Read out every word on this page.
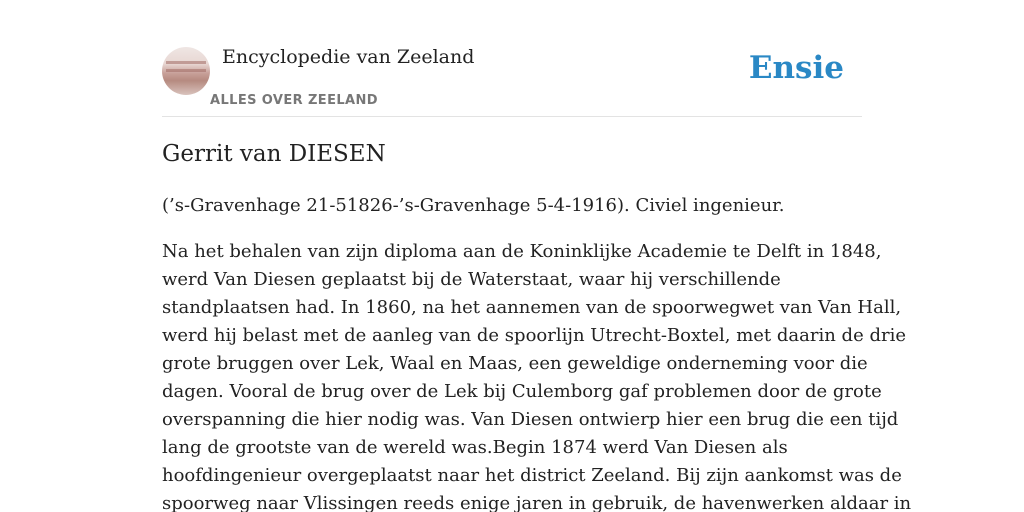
Encyclopedie van Zeeland
ALLES OVER ZEELAND
Ensie
Gerrit van DIESEN

(’s-Gravenhage 21-51826-’s-Gravenhage 5-4-1916). Civiel ingenieur.

Na het behalen van zijn diploma aan de Koninklijke Academie te Delft in 1848,
werd Van Diesen geplaatst bij de Waterstaat, waar hij verschillende
standplaatsen had. In 1860, na het aannemen van de spoorwegwet van Van Hall,
werd hij belast met de aanleg van de spoorlijn Utrecht-Boxtel, met daarin de drie
grote bruggen over Lek, Waal en Maas, een geweldige onderneming voor die
dagen. Vooral de brug over de Lek bij Culemborg gaf problemen door de grote
overspanning die hier nodig was. Van Diesen ontwierp hier een brug die een tijd
lang de grootste van de wereld was.Begin 1874 werd Van Diesen als
hoofdingenieur overgeplaatst naar het district Zeeland. Bij zijn aankomst was de
spoorweg naar Vlissingen reeds enige jaren in gebruik, de havenwerken aldaar in
